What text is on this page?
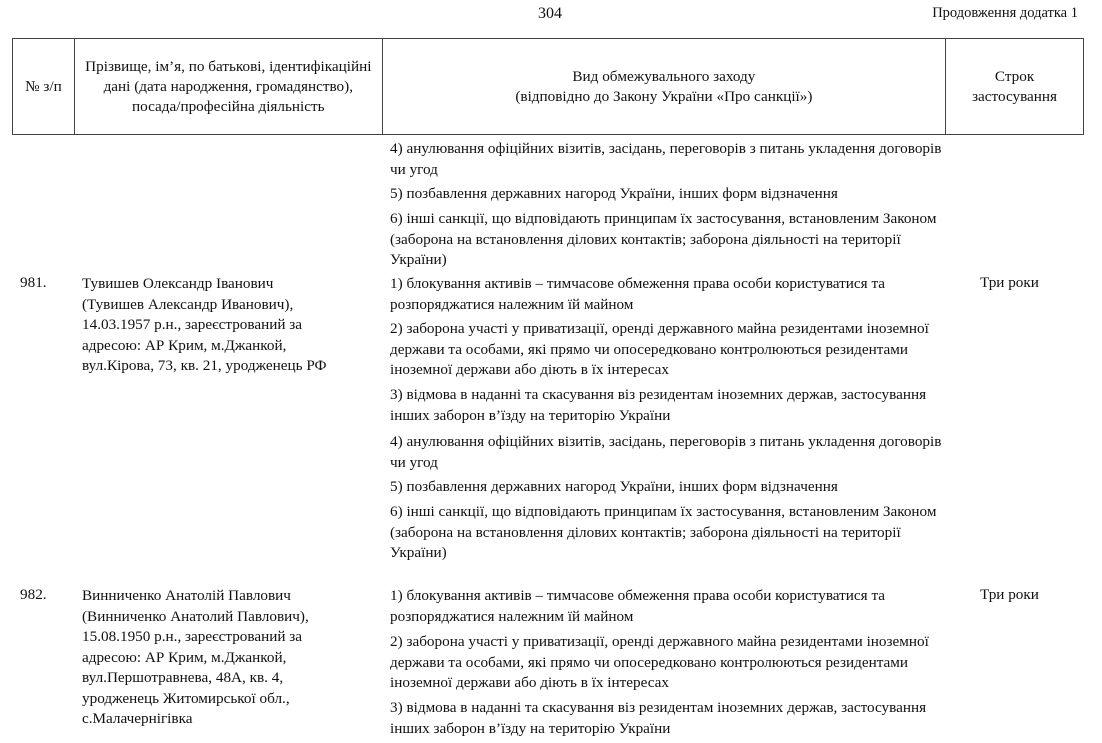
304	Продовження додатка 1
№ з/п
Прізвище, ім’я, по батькові, ідентифікаційні дані (дата народження, громадянство), посада/професійна діяльність
Вид обмежувального заходу
(відповідно до Закону України «Про санкції»)
Строк застосування
4) анулювання офіційних візитів, засідань, переговорів з питань укладення договорів чи угод
5) позбавлення державних нагород України, інших форм відзначення
6) інші санкції, що відповідають принципам їх застосування, встановленим Законом (заборона на встановлення ділових контактів; заборона діяльності на території України)
981. Тувишев Олександр Іванович
(Тувишев Александр Иванович),
14.03.1957 р.н., зареєстрований за
адресою: АР Крим, м.Джанкой,
вул.Кірова, 73, кв. 21, уродженець РФ
Три роки
1) блокування активів – тимчасове обмеження права особи користуватися та розпоряджатися належним їй майном
2) заборона участі у приватизації, оренді державного майна резидентами іноземної держави та особами, які прямо чи опосередковано контролюються резидентами іноземної держави або діють в їх інтересах
3) відмова в наданні та скасування віз резидентам іноземних держав, застосування інших заборон в’їзду на територію України
4) анулювання офіційних візитів, засідань, переговорів з питань укладення договорів чи угод
5) позбавлення державних нагород України, інших форм відзначення
6) інші санкції, що відповідають принципам їх застосування, встановленим Законом (заборона на встановлення ділових контактів; заборона діяльності на території України)
982. Винниченко Анатолій Павлович
(Винниченко Анатолий Павлович),
15.08.1950 р.н., зареєстрований за
адресою: АР Крим, м.Джанкой,
вул.Першотравнева, 48А, кв. 4,
уродженець Житомирської обл.,
с.Малачернігівка
Три роки
1) блокування активів – тимчасове обмеження права особи користуватися та розпоряджатися належним їй майном
2) заборона участі у приватизації, оренді державного майна резидентами іноземної держави та особами, які прямо чи опосередковано контролюються резидентами іноземної держави або діють в їх інтересах
3) відмова в наданні та скасування віз резидентам іноземних держав, застосування інших заборон в’їзду на територію України
